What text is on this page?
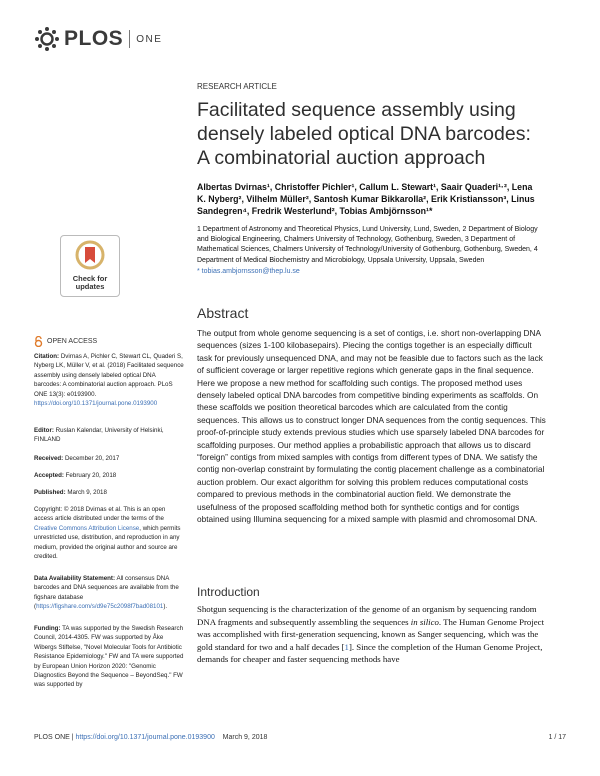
PLOS ONE
RESEARCH ARTICLE
Facilitated sequence assembly using densely labeled optical DNA barcodes: A combinatorial auction approach
Albertas Dvirnas¹, Christoffer Pichler¹, Callum L. Stewart¹, Saair Quaderi¹·², Lena K. Nyberg², Vilhelm Müller², Santosh Kumar Bikkarolla², Erik Kristiansson³, Linus Sandegren⁴, Fredrik Westerlund², Tobias Ambjörnsson¹*
1 Department of Astronomy and Theoretical Physics, Lund University, Lund, Sweden, 2 Department of Biology and Biological Engineering, Chalmers University of Technology, Gothenburg, Sweden, 3 Department of Mathematical Sciences, Chalmers University of Technology/University of Gothenburg, Gothenburg, Sweden, 4 Department of Medical Biochemistry and Microbiology, Uppsala University, Uppsala, Sweden
* tobias.ambjornsson@thep.lu.se
Check for
updates
OPEN ACCESS
Citation: Dvirnas A, Pichler C, Stewart CL, Quaderi S, Nyberg LK, Müller V, et al. (2018) Facilitated sequence assembly using densely labeled optical DNA barcodes: A combinatorial auction approach. PLoS ONE 13(3): e0193900. https://doi.org/10.1371/journal.pone.0193900
Editor: Ruslan Kalendar, University of Helsinki, FINLAND
Received: December 20, 2017
Accepted: February 20, 2018
Published: March 9, 2018
Copyright: © 2018 Dvirnas et al. This is an open access article distributed under the terms of the Creative Commons Attribution License, which permits unrestricted use, distribution, and reproduction in any medium, provided the original author and source are credited.
Data Availability Statement: All consensus DNA barcodes and DNA sequences are available from the figshare database (https://figshare.com/s/d9e75c2098f7bad08101).
Funding: TA was supported by the Swedish Research Council, 2014-4305. FW was supported by Åke Wibergs Stiftelse, "Novel Molecular Tools for Antibiotic Resistance Epidemiology." FW and TA were supported by European Union Horizon 2020: "Genomic Diagnostics Beyond the Sequence – BeyondSeq." FW was supported by
Abstract
The output from whole genome sequencing is a set of contigs, i.e. short non-overlapping DNA sequences (sizes 1-100 kilobasepairs). Piecing the contigs together is an especially difficult task for previously unsequenced DNA, and may not be feasible due to factors such as the lack of sufficient coverage or larger repetitive regions which generate gaps in the final sequence. Here we propose a new method for scaffolding such contigs. The proposed method uses densely labeled optical DNA barcodes from competitive binding experiments as scaffolds. On these scaffolds we position theoretical barcodes which are calculated from the contig sequences. This allows us to construct longer DNA sequences from the contig sequences. This proof-of-principle study extends previous studies which use sparsely labeled DNA barcodes for scaffolding purposes. Our method applies a probabilistic approach that allows us to discard “foreign” contigs from mixed samples with contigs from different types of DNA. We satisfy the contig non-overlap constraint by formulating the contig placement challenge as a combinatorial auction problem. Our exact algorithm for solving this problem reduces computational costs compared to previous methods in the combinatorial auction field. We demonstrate the usefulness of the proposed scaffolding method both for synthetic contigs and for contigs obtained using Illumina sequencing for a mixed sample with plasmid and chromosomal DNA.
Introduction
Shotgun sequencing is the characterization of the genome of an organism by sequencing random DNA fragments and subsequently assembling the sequences in silico. The Human Genome Project was accomplished with first-generation sequencing, known as Sanger sequencing, which was the gold standard for two and a half decades [1]. Since the completion of the Human Genome Project, demands for cheaper and faster sequencing methods have
PLOS ONE |
https://doi.org/10.1371/journal.pone.0193900
March 9, 2018	1 / 17
